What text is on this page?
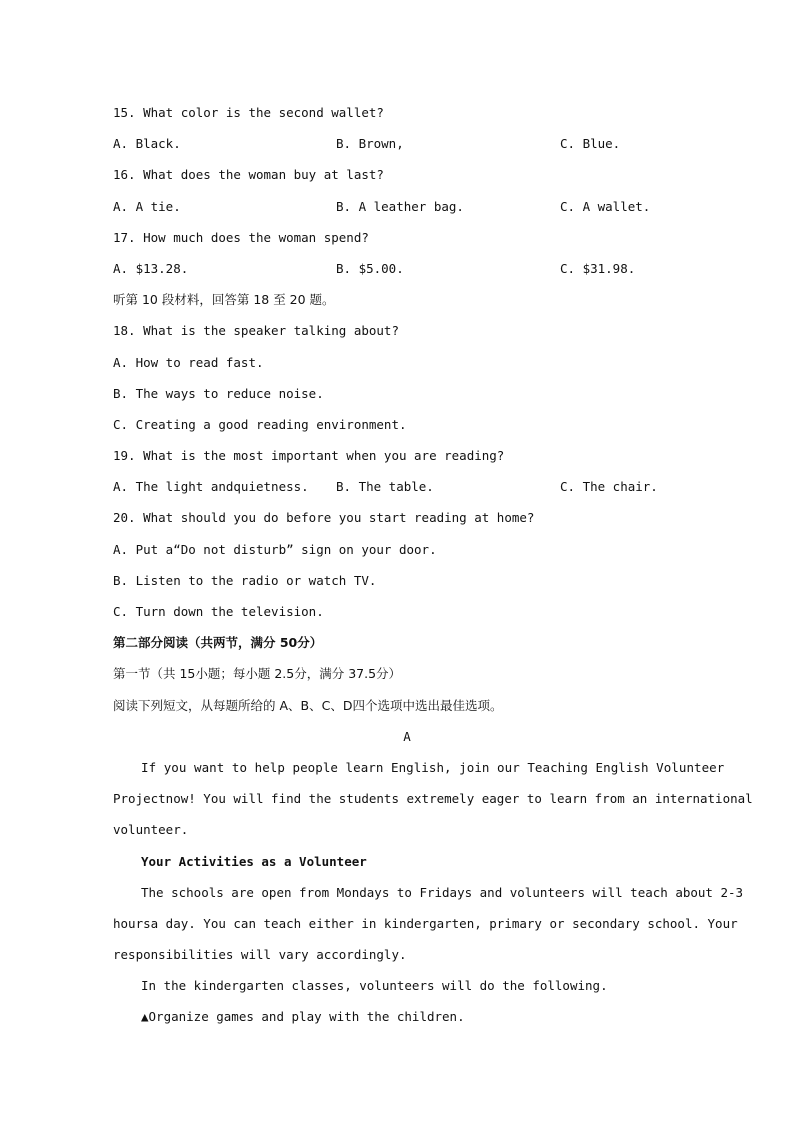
15. What color is the second wallet?
A. Black.	B. Brown,	C. Blue.
16. What does the woman buy at last?
A. A tie.	B. A leather bag.	C. A wallet.
17. How much does the woman spend?
A. $13.28.	B. $5.00.	C. $31.98.
听第 10 段材料，回答第 18 至 20 题。
18. What is the speaker talking about?
A. How to read fast.
B. The ways to reduce noise.
C. Creating a good reading environment.
19. What is the most important when you are reading?
A. The light andquietness. B. The table.	C. The chair.
20. What should you do before you start reading at home?
A. Put a“Do not disturb” sign on your door.
B. Listen to the radio or watch TV.
C. Turn down the television.
第二部分阅读（共两节，满分 50分）
第一节（共 15小题；每小题 2.5分，满分 37.5分）
阅读下列短文，从每题所给的 A、B、C、D四个选项中选出最佳选项。
A
If you want to help people learn English, join our Teaching English Volunteer
Projectnow! You will find the students extremely eager to learn from an international
volunteer.
Your Activities as a Volunteer
The schools are open from Mondays to Fridays and volunteers will teach about 2-3
hoursa day. You can teach either in kindergarten, primary or secondary school. Your
responsibilities will vary accordingly.
In the kindergarten classes, volunteers will do the following.
▲Organize games and play with the children.
